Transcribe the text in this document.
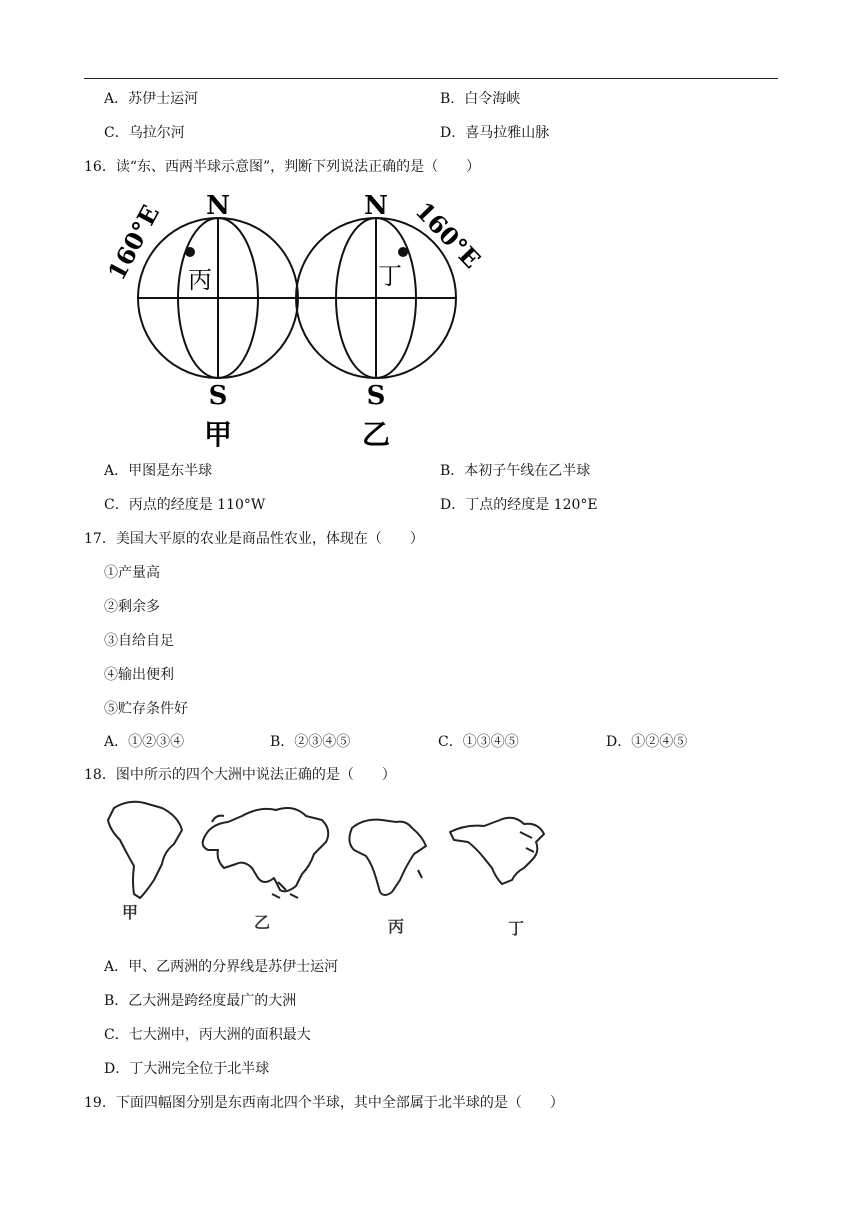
A．苏伊士运河	B．白令海峡
C．乌拉尔河	D．喜马拉雅山脉
16．读“东、西两半球示意图”，判断下列说法正确的是（　　）
N	N
S	S
丙	丁
160°E	160°E
甲	乙
A．甲图是东半球	B．本初子午线在乙半球
C．丙点的经度是 110°W	D．丁点的经度是 120°E
17．美国大平原的农业是商品性农业，体现在（　　）
①产量高
②剩余多
③自给自足
④输出便利
⑤贮存条件好
A．①②③④	B．②③④⑤	C．①③④⑤	D．①②④⑤
18．图中所示的四个大洲中说法正确的是（　　）
甲
乙	丙	丁
A．甲、乙两洲的分界线是苏伊士运河
B．乙大洲是跨经度最广的大洲
C．七大洲中，丙大洲的面积最大
D．丁大洲完全位于北半球
19．下面四幅图分别是东西南北四个半球，其中全部属于北半球的是（　　）
